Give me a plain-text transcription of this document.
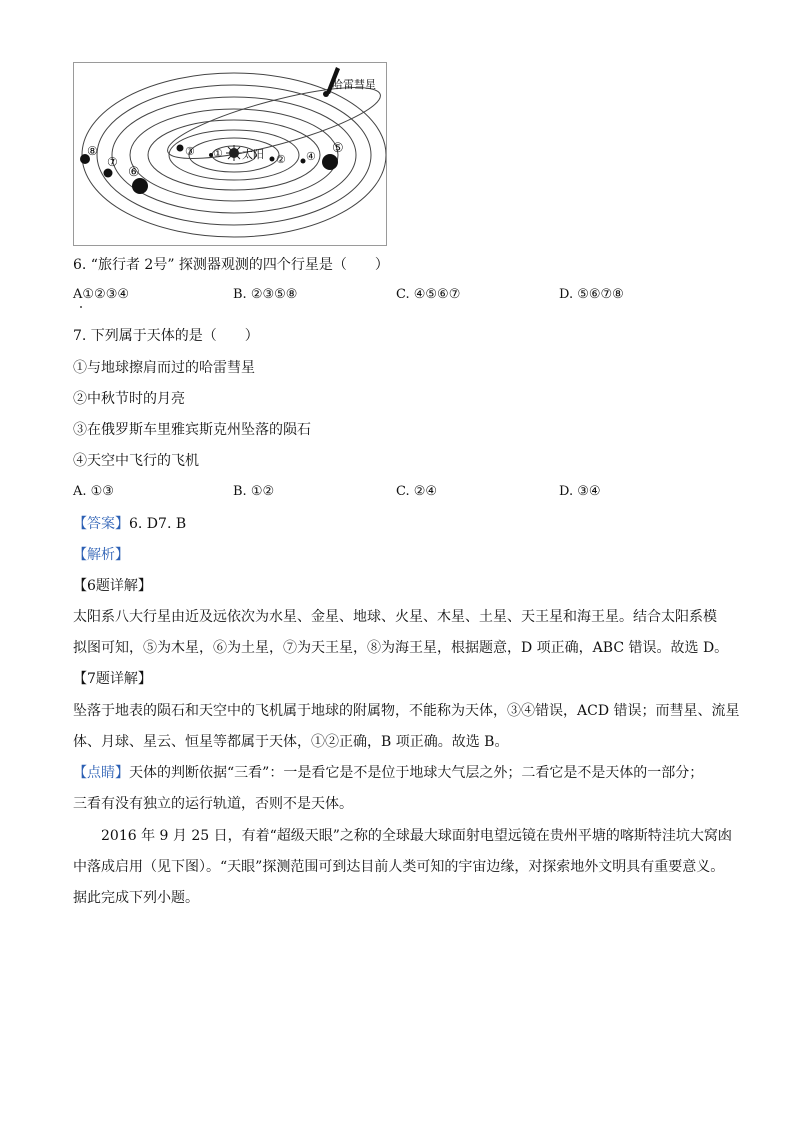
太阳
①	②
③	④
⑤
⑥
⑦
⑧
哈雷彗星
6. “旅行者 2号” 探测器观测的四个行星是（　　）
A①②③④	B. ②③⑤⑧	C. ④⑤⑥⑦	D. ⑤⑥⑦⑧
7. 下列属于天体的是（　　）
①与地球擦肩而过的哈雷彗星
②中秋节时的月亮
③在俄罗斯车里雅宾斯克州坠落的陨石
④天空中飞行的飞机
A. ①③	B. ①②	C. ②④	D. ③④
【答案】6. D7. B
【解析】
【6题详解】
太阳系八大行星由近及远依次为水星、金星、地球、火星、木星、土星、天王星和海王星。结合太阳系模
拟图可知，⑤为木星，⑥为土星，⑦为天王星，⑧为海王星，根据题意，D 项正确，ABC 错误。故选 D。
【7题详解】
坠落于地表的陨石和天空中的飞机属于地球的附属物，不能称为天体，③④错误，ACD 错误；而彗星、流星
体、月球、星云、恒星等都属于天体，①②正确，B 项正确。故选 B。
【点睛】天体的判断依据“三看”：一是看它是不是位于地球大气层之外；二看它是不是天体的一部分；
三看有没有独立的运行轨道，否则不是天体。
　　2016 年 9 月 25 日，有着“超级天眼”之称的全球最大球面射电望远镜在贵州平塘的喀斯特洼坑大窝凼
中落成启用（见下图）。“天眼”探测范围可到达目前人类可知的宇宙边缘，对探索地外文明具有重要意义。
据此完成下列小题。
